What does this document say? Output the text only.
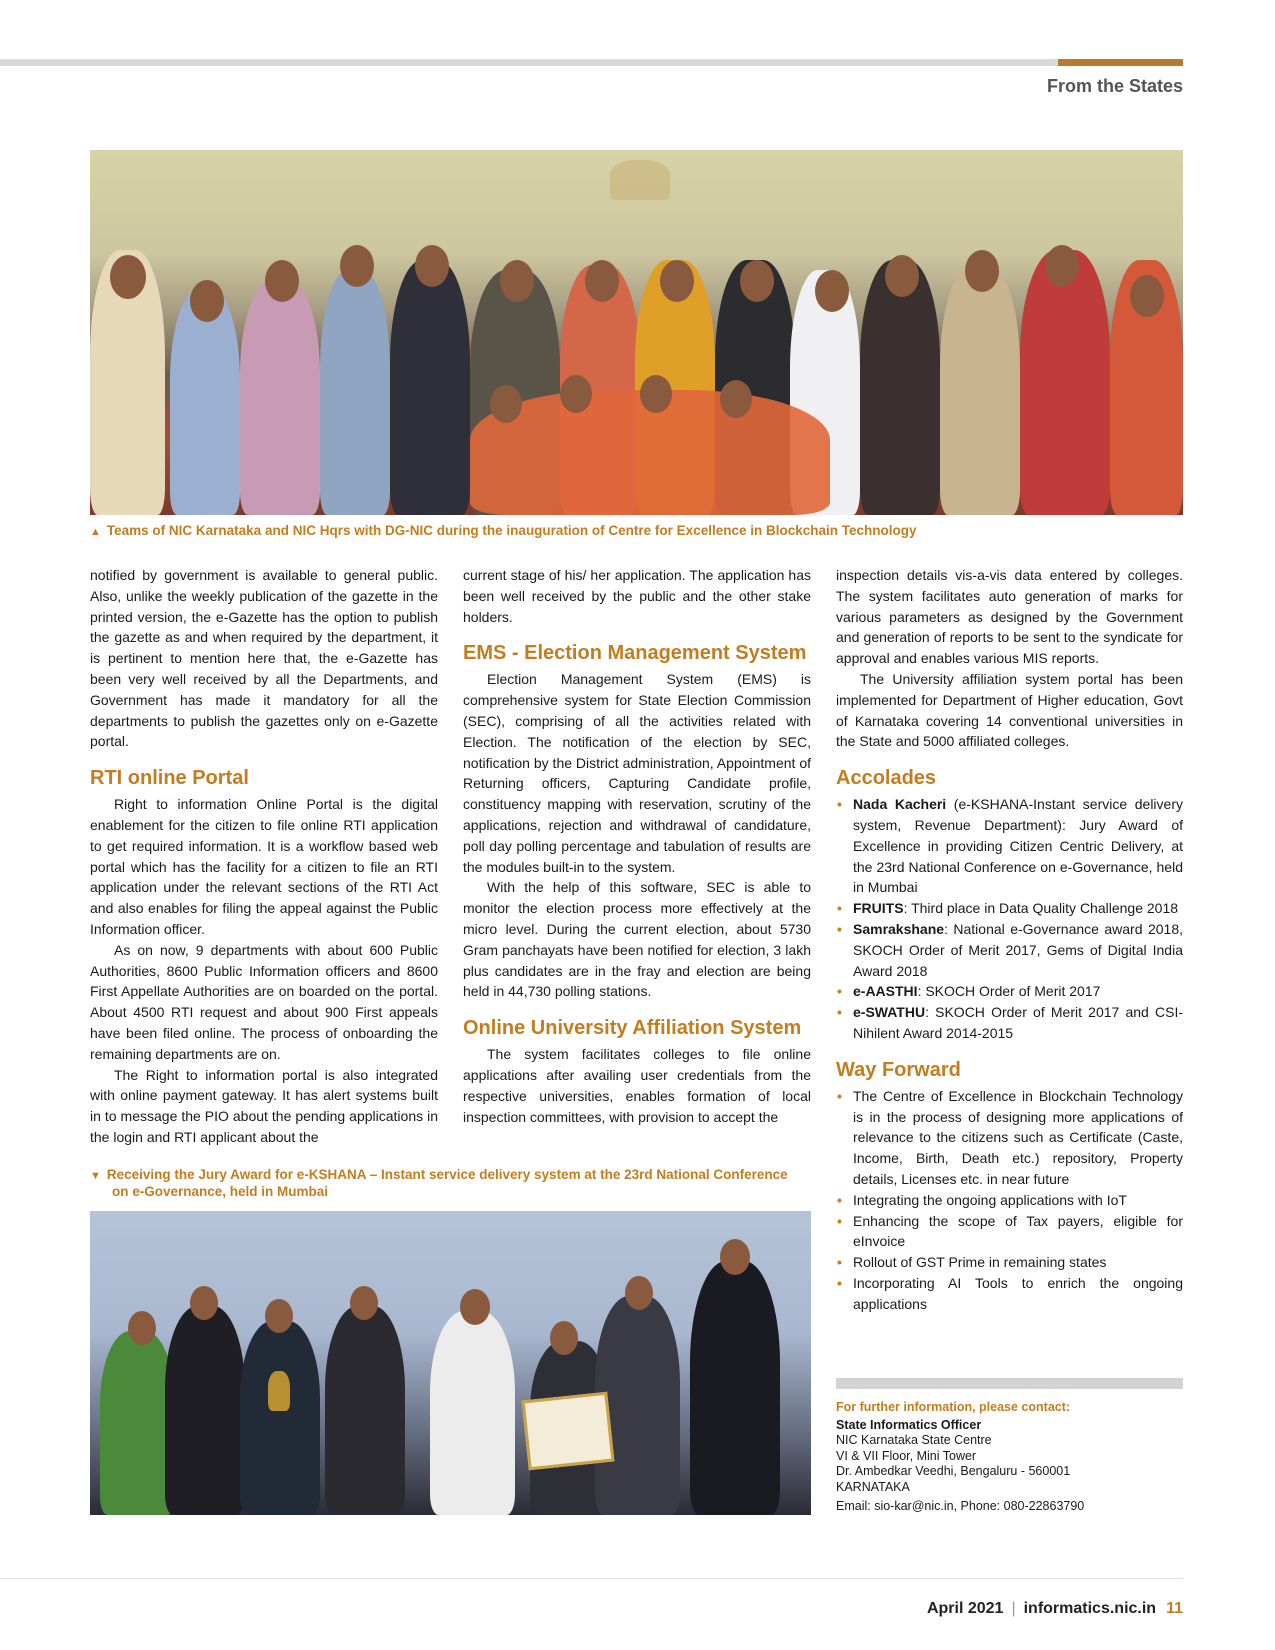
From the States
▲ Teams of NIC Karnataka and NIC Hqrs with DG-NIC during the inauguration of Centre for Excellence in Blockchain Technology

notified by government is available to general public. Also, unlike the weekly publication of the gazette in the printed version, the e-Gazette has the option to publish the gazette as and when required by the department, it is pertinent to mention here that, the e-Gazette has been very well received by all the Departments, and Government has made it mandatory for all the departments to publish the gazettes only on e-Gazette portal.

RTI online Portal

Right to information Online Portal is the digital enablement for the citizen to file online RTI application to get required information. It is a workflow based web portal which has the facility for a citizen to file an RTI application under the relevant sections of the RTI Act and also enables for filing the appeal against the Public Information officer.

As on now, 9 departments with about 600 Public Authorities, 8600 Public Information officers and 8600 First Appellate Authorities are on boarded on the portal. About 4500 RTI request and about 900 First appeals have been filed online. The process of onboarding the remaining departments are on.

The Right to information portal is also integrated with online payment gateway. It has alert systems built in to message the PIO about the pending applications in the login and RTI applicant about the

current stage of his/ her application. The application has been well received by the public and the other stake holders.

EMS - Election Management System

Election Management System (EMS) is comprehensive system for State Election Commission (SEC), comprising of all the activities related with Election. The notification of the election by SEC, notification by the District administration, Appointment of Returning officers, Capturing Candidate profile, constituency mapping with reservation, scrutiny of the applications, rejection and withdrawal of candidature, poll day polling percentage and tabulation of results are the modules built-in to the system.

With the help of this software, SEC is able to monitor the election process more effectively at the micro level. During the current election, about 5730 Gram panchayats have been notified for election, 3 lakh plus candidates are in the fray and election are being held in 44,730 polling stations.

Online University Affiliation System

The system facilitates colleges to file online applications after availing user credentials from the respective universities, enables formation of local inspection committees, with provision to accept the

inspection details vis-a-vis data entered by colleges. The system facilitates auto generation of marks for various parameters as designed by the Government and generation of reports to be sent to the syndicate for approval and enables various MIS reports.

The University affiliation system portal has been implemented for Department of Higher education, Govt of Karnataka covering 14 conventional universities in the State and 5000 affiliated colleges.

Accolades
• Nada Kacheri (e-KSHANA-Instant service delivery system, Revenue Department): Jury Award of Excellence in providing Citizen Centric Delivery, at the 23rd National Conference on e-Governance, held in Mumbai
• FRUITS: Third place in Data Quality Challenge 2018
• Samrakshane: National e-Governance award 2018, SKOCH Order of Merit 2017, Gems of Digital India Award 2018
• e-AASTHI: SKOCH Order of Merit 2017
• e-SWATHU: SKOCH Order of Merit 2017 and CSI-Nihilent Award 2014-2015
Way Forward
• The Centre of Excellence in Blockchain Technology is in the process of designing more applications of relevance to the citizens such as Certificate (Caste, Income, Birth, Death etc.) repository, Property details, Licenses etc. in near future
• Integrating the ongoing applications with IoT
• Enhancing the scope of Tax payers, eligible for eInvoice
• Rollout of GST Prime in remaining states
• Incorporating AI Tools to enrich the ongoing applications
▼ Receiving the Jury Award for e-KSHANA – Instant service delivery system at the 23rd National Conference
on e-Governance, held in Mumbai
For further information, please contact:
State Informatics Officer
NIC Karnataka State Centre
VI & VII Floor, Mini Tower
Dr. Ambedkar Veedhi, Bengaluru - 560001
KARNATAKA
Email: sio-kar@nic.in, Phone: 080-22863790
April 2021 | informatics.nic.in 11
